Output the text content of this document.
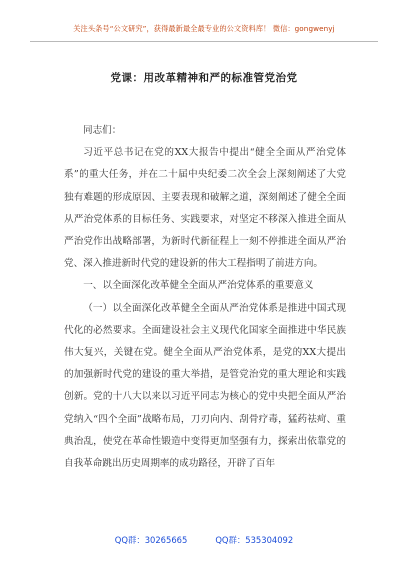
关注头条号“公文研究”，获得最新最全最专业的公文资料库！ 微信：gongwenyj
党课：用改革精神和严的标准管党治党

同志们：

习近平总书记在党的XX大报告中提出“健全全面从严治党体系”的重大任务，并在二十届中央纪委二次全会上深刻阐述了大党独有难题的形成原因、主要表现和破解之道，深刻阐述了健全全面从严治党体系的目标任务、实践要求，对坚定不移深入推进全面从严治党作出战略部署，为新时代新征程上一刻不停推进全面从严治党、深入推进新时代党的建设新的伟大工程指明了前进方向。

一、以全面深化改革健全全面从严治党体系的重要意义

（一）以全面深化改革健全全面从严治党体系是推进中国式现代化的必然要求。全面建设社会主义现代化国家全面推进中华民族伟大复兴，关键在党。健全全面从严治党体系，是党的XX大提出的加强新时代党的建设的重大举措，是管党治党的重大理论和实践创新。党的十八大以来以习近平同志为核心的党中央把全面从严治党纳入“四个全面”战略布局，刀刃向内、刮骨疗毒，猛药祛疴、重典治乱，使党在革命性锻造中变得更加坚强有力，探索出依靠党的自我革命跳出历史周期率的成功路径，开辟了百年

QQ群：30265665	QQ群：535304092
